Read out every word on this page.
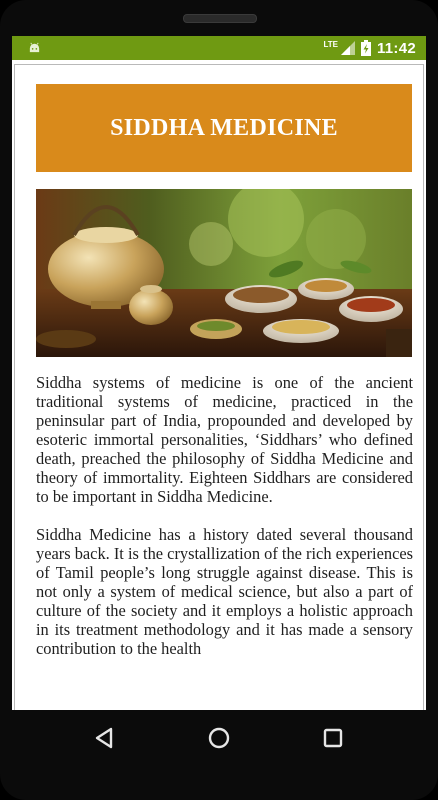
LTE	11:42
SIDDHA MEDICINE

Siddha systems of medicine is one of the ancient traditional systems of medicine, practiced in the peninsular part of India, propounded and developed by esoteric immortal personalities, ‘Siddhars’ who defined death, preached the philosophy of Siddha Medicine and theory of immortality. Eighteen Siddhars are considered to be important in Siddha Medicine.

Siddha Medicine has a history dated several thousand years back. It is the crystallization of the rich experiences of Tamil people’s long struggle against disease. This is not only a system of medical science, but also a part of culture of the society and it employs a holistic approach in its treatment methodology and it has made a sensory contribution to the health
